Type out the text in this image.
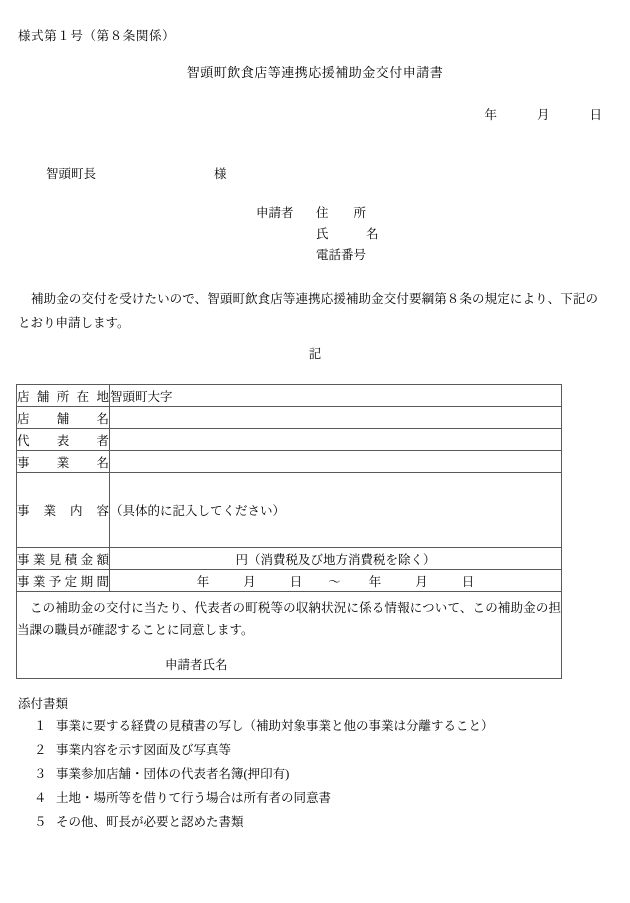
様式第１号（第８条関係）
智頭町飲食店等連携応援補助金交付申請書
年	月	日
智頭町長	様
申請者 住　　所
氏　　　名
電話番号
補助金の交付を受けたいので、智頭町飲食店等連携応援補助金交付要綱第８条の規定により、下記のとおり申請します。
記
店 舗 所 在 地	智頭町大字

店 舗 名	

代 表 者	

事 業 名	

事 業 内 容	（具体的に記入してください）

事 業 見 積 金 額	円（消費税及び地方消費税を除く）

事 業 予 定 期 間	年	月	日 〜 年	月	日

この補助金の交付に当たり、代表者の町税等の収納状況に係る情報について、この補助金の担当課の職員が確認することに同意します。
申請者氏名	
添付書類
１ 事業に要する経費の見積書の写し（補助対象事業と他の事業は分離すること）
２ 事業内容を示す図面及び写真等
３ 事業参加店舗・団体の代表者名簿(押印有)
４ 土地・場所等を借りて行う場合は所有者の同意書
５ その他、町長が必要と認めた書類
